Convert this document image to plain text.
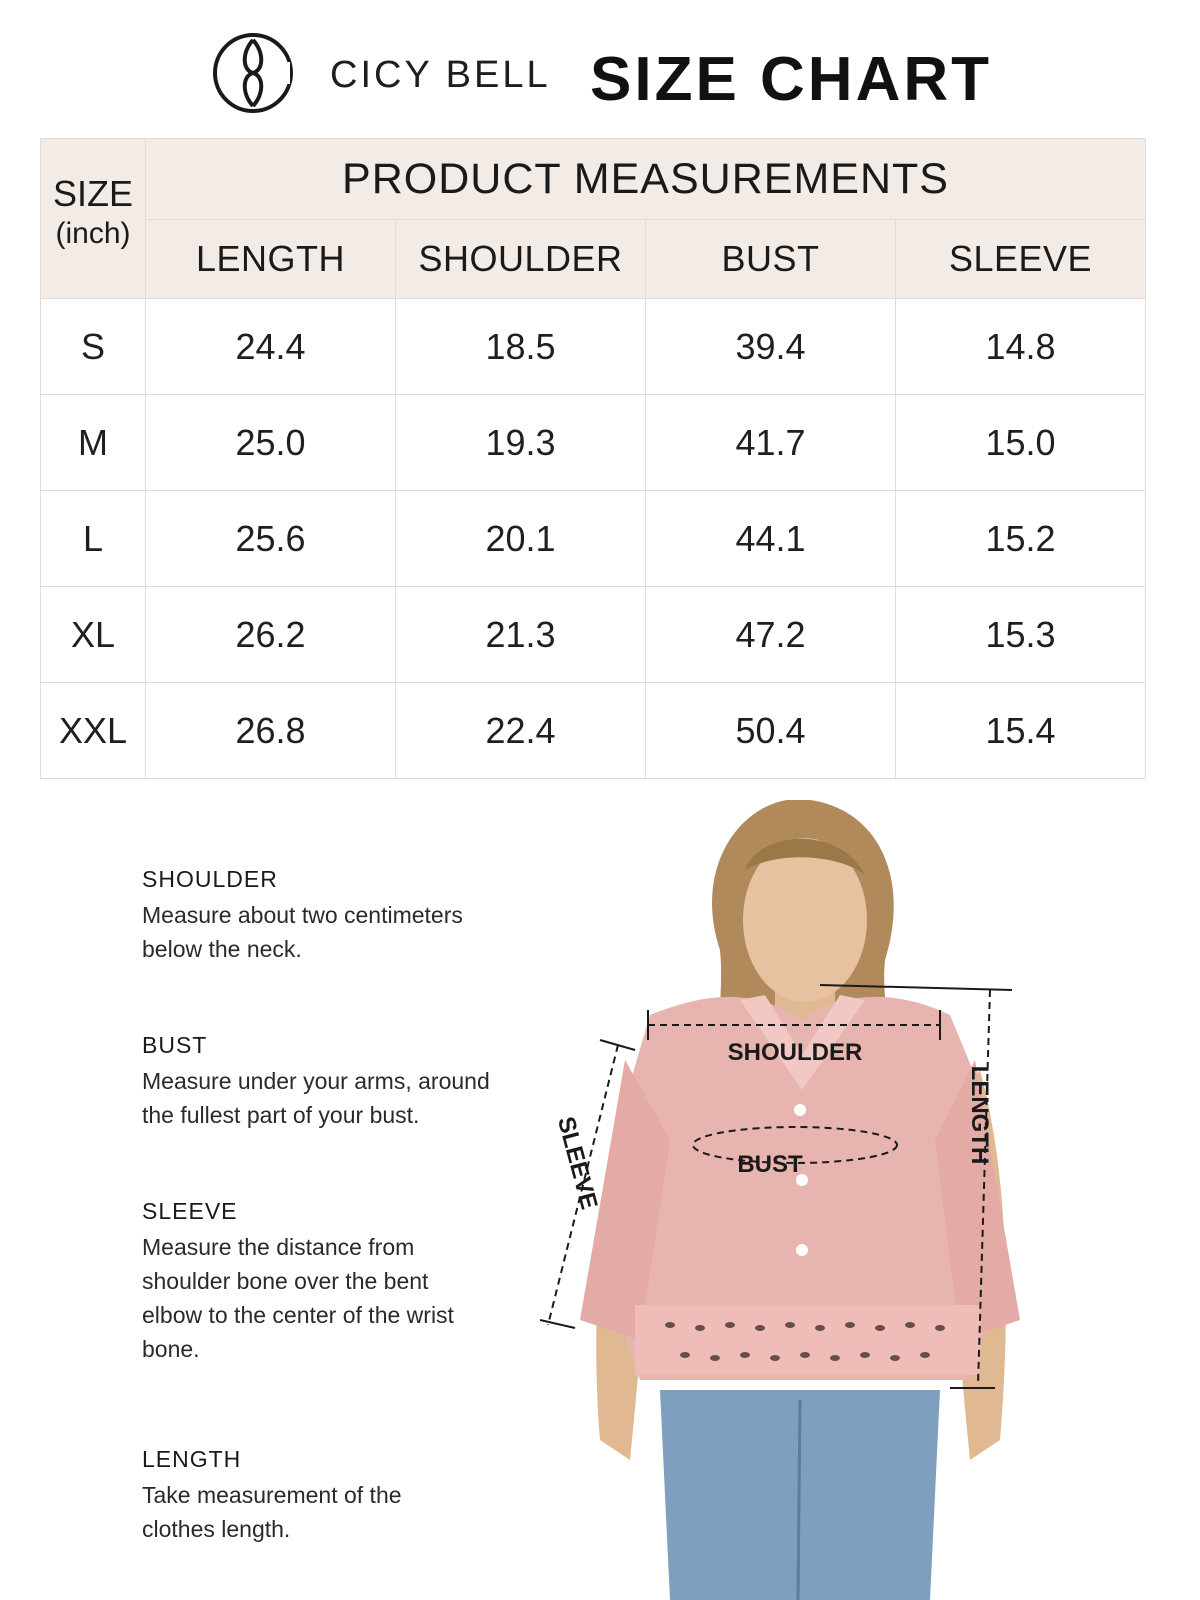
CICY BELL SIZE CHART
SIZE
(inch)	PRODUCT MEASUREMENTS			
	LENGTH	SHOULDER	BUST	SLEEVE
S	24.4	18.5	39.4	14.8
M	25.0	19.3	41.7	15.0
L	25.6	20.1	44.1	15.2
XL	26.2	21.3	47.2	15.3
XXL	26.8	22.4	50.4	15.4
SHOULDER
Measure about two centimeters below the neck.
BUST
Measure under your arms, around the fullest part of your bust.
SLEEVE
Measure the distance from shoulder bone over the bent elbow to the center of the wrist bone.
LENGTH
Take measurement of the clothes length.
SHOULDER
BUST
SLEEVE	LENGTH
